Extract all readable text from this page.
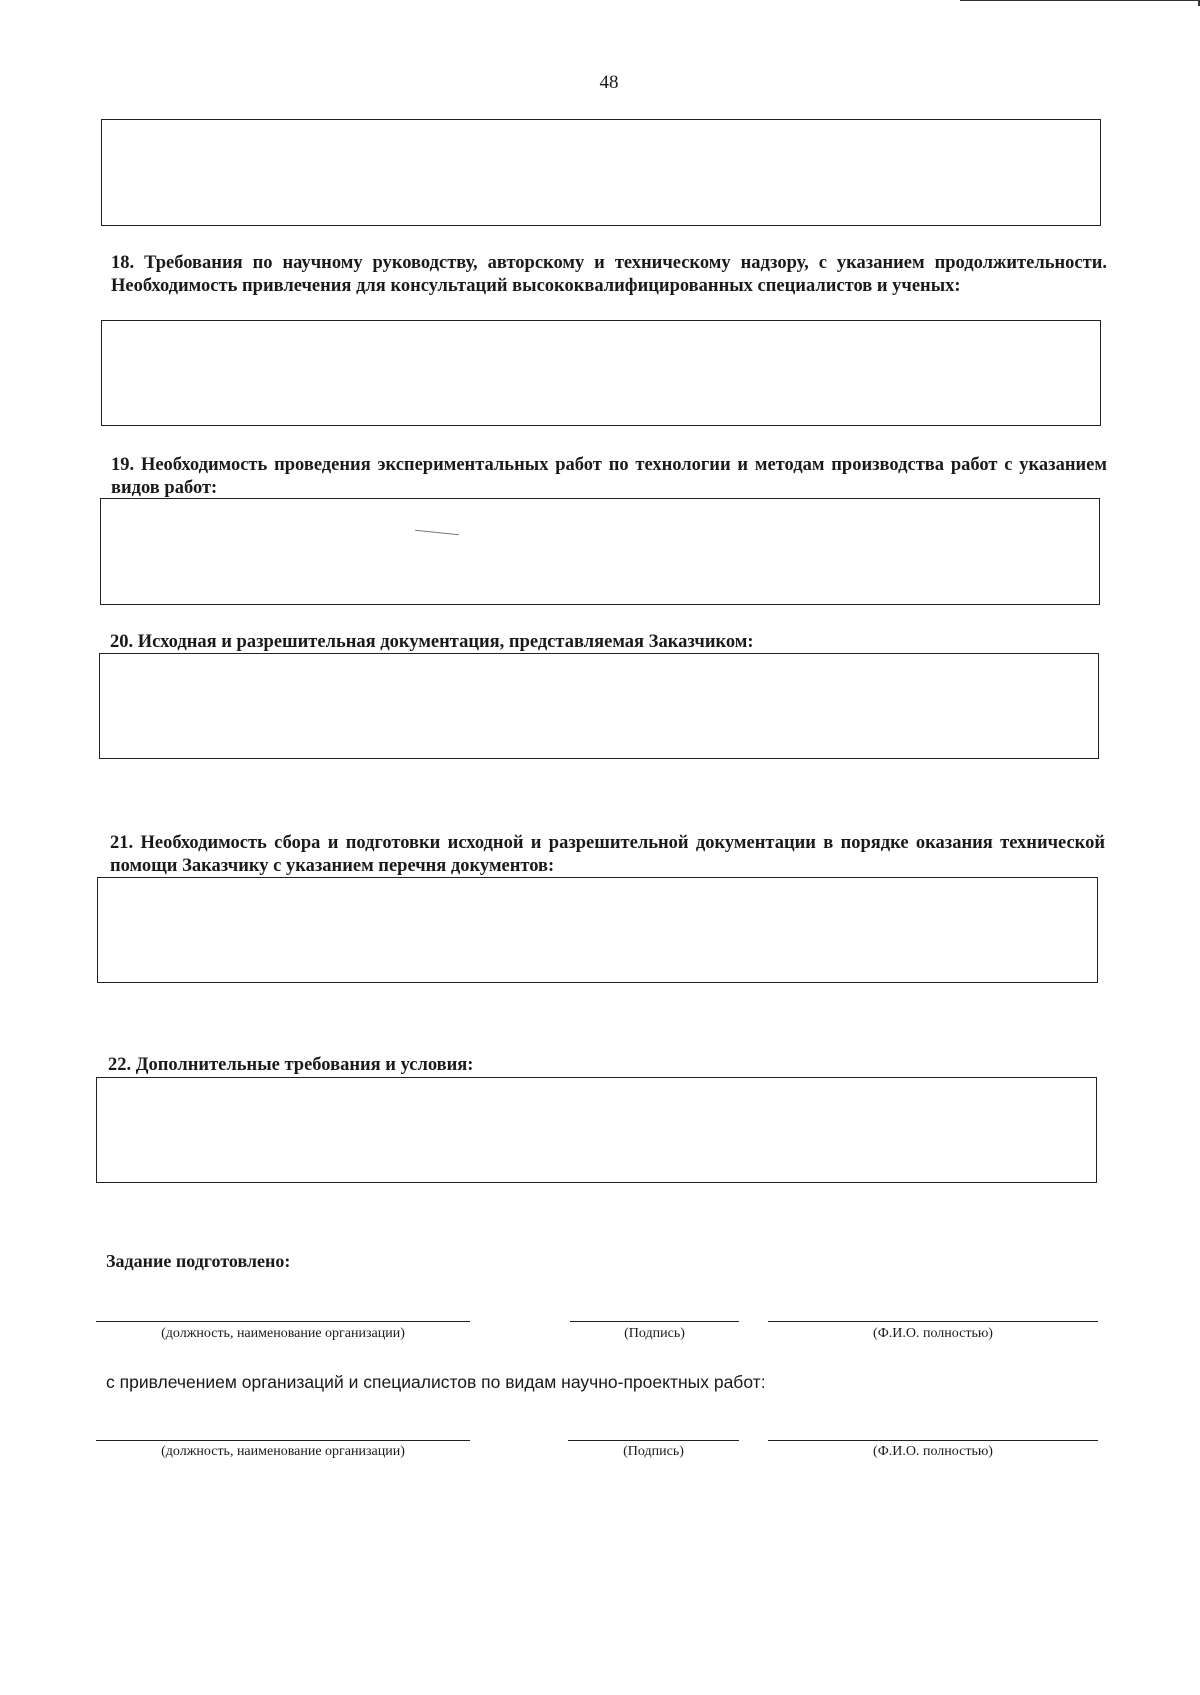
48
18. Требования по научному руководству, авторскому и техническому надзору, с указанием продолжительности. Необходимость привлечения для консультаций высококвалифицированных специалистов и ученых:
19. Необходимость проведения экспериментальных работ по технологии и методам производства работ с указанием видов работ:
20. Исходная и разрешительная документация, представляемая Заказчиком:
21. Необходимость сбора и подготовки исходной и разрешительной документации в порядке оказания технической помощи Заказчику с указанием перечня документов:
22. Дополнительные требования и условия:
Задание подготовлено:
(должность, наименование организации)	(Подпись)	(Ф.И.О. полностью)
с привлечением организаций и специалистов по видам научно-проектных работ:
(должность, наименование организации)	(Подпись)	(Ф.И.О. полностью)
